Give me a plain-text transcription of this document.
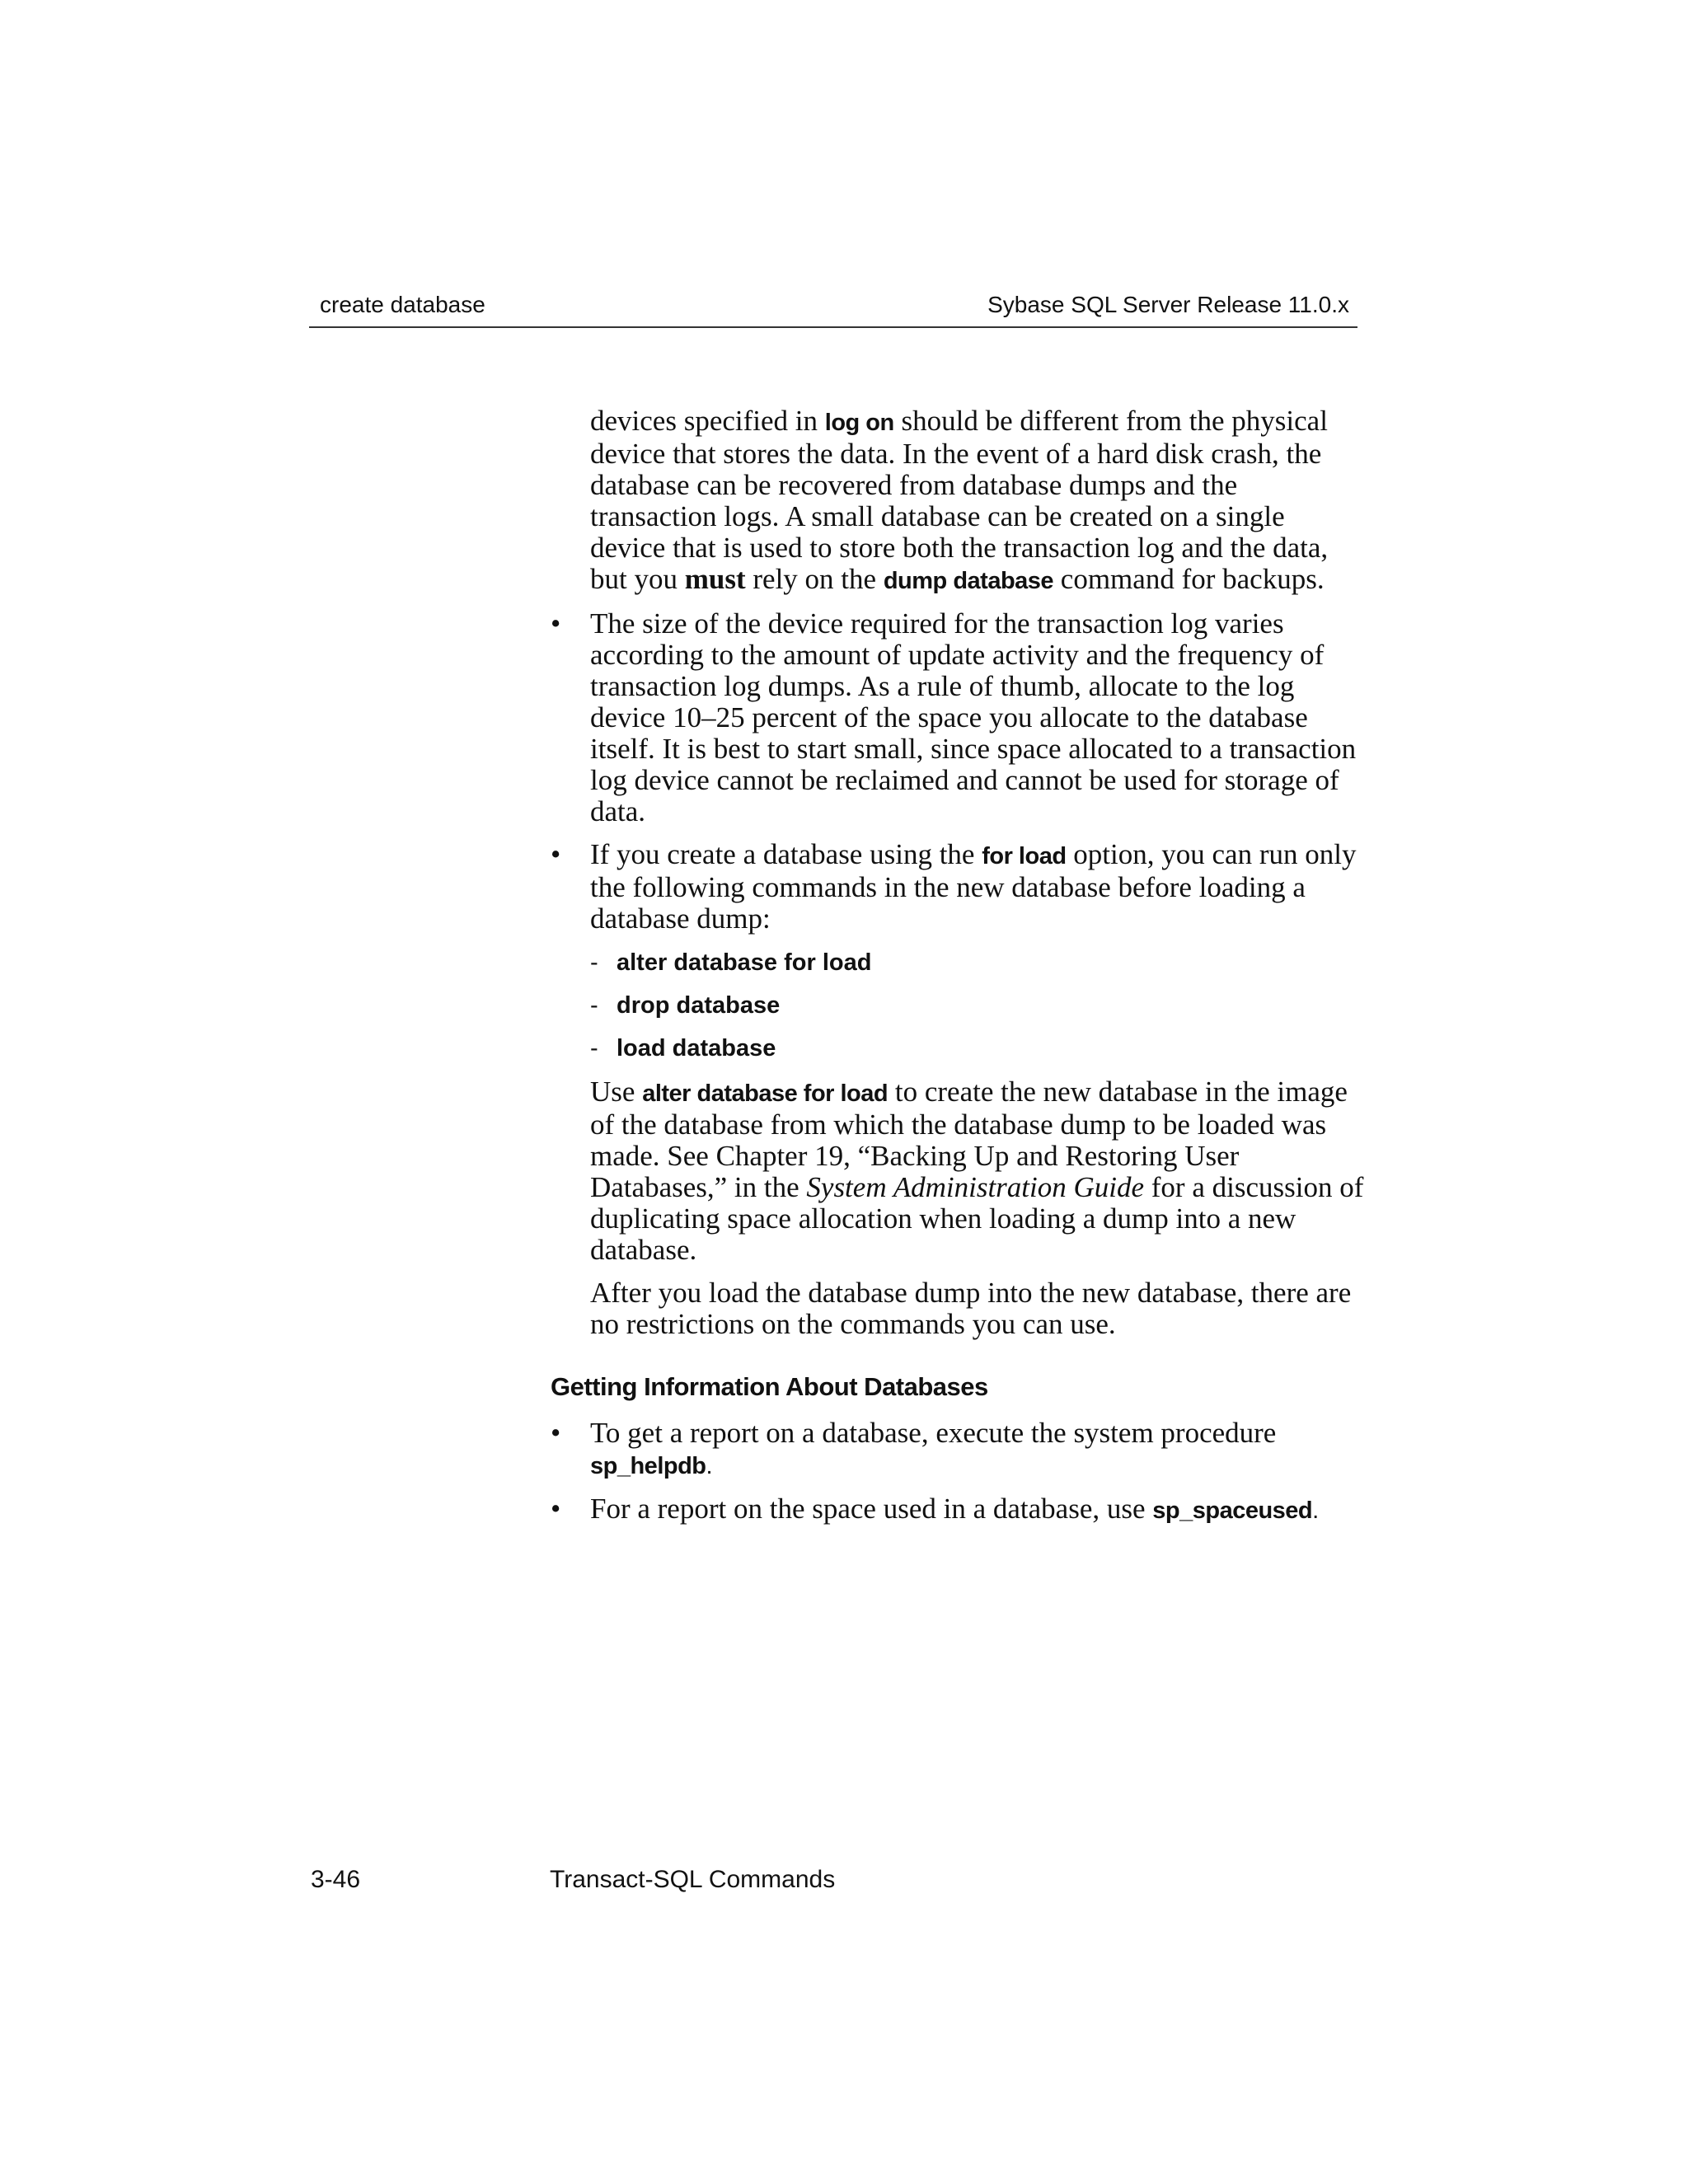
create database	Sybase SQL Server Release 11.0.x

devices specified in log on should be different from the physical device that stores the data. In the event of a hard disk crash, the database can be recovered from database dumps and the transaction logs. A small database can be created on a single device that is used to store both the transaction log and the data, but you must rely on the dump database command for backups.

•	The size of the device required for the transaction log varies according to the amount of update activity and the frequency of transaction log dumps. As a rule of thumb, allocate to the log device 10–25 percent of the space you allocate to the database itself. It is best to start small, since space allocated to a transaction log device cannot be reclaimed and cannot be used for storage of data.
•	If you create a database using the for load option, you can run only the following commands in the new database before loading a database dump:
- alter database for load
- drop database
- load database

Use alter database for load to create the new database in the image of the database from which the database dump to be loaded was made. See Chapter 19, “Backing Up and Restoring User Databases,” in the System Administration Guide for a discussion of duplicating space allocation when loading a dump into a new database.

After you load the database dump into the new database, there are no restrictions on the commands you can use.

Getting Information About Databases
•	To get a report on a database, execute the system procedure sp_helpdb.
•	For a report on the space used in a database, use sp_spaceused.
3-46	Transact-SQL Commands
